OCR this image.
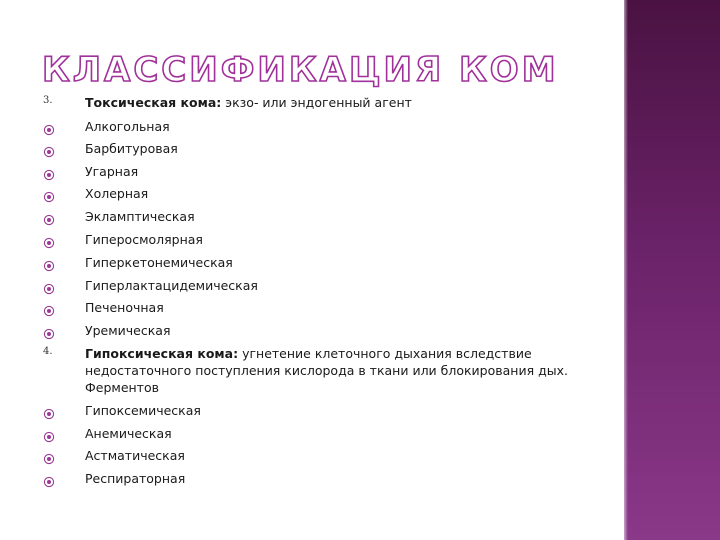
КЛАССИФИКАЦИЯ КОМ
3.	Токсическая кома: экзо- или эндогенный агент
Алкогольная
Барбитуровая
Угарная
Холерная
Экламптическая
Гиперосмолярная
Гиперкетонемическая
Гиперлактацидемическая
Печеночная
Уремическая
4.	Гипоксическая кома: угнетение клеточного дыхания вследствие недостаточного поступления кислорода в ткани или блокирования дых. Ферментов
Гипоксемическая
Анемическая
Астматическая
Респираторная
